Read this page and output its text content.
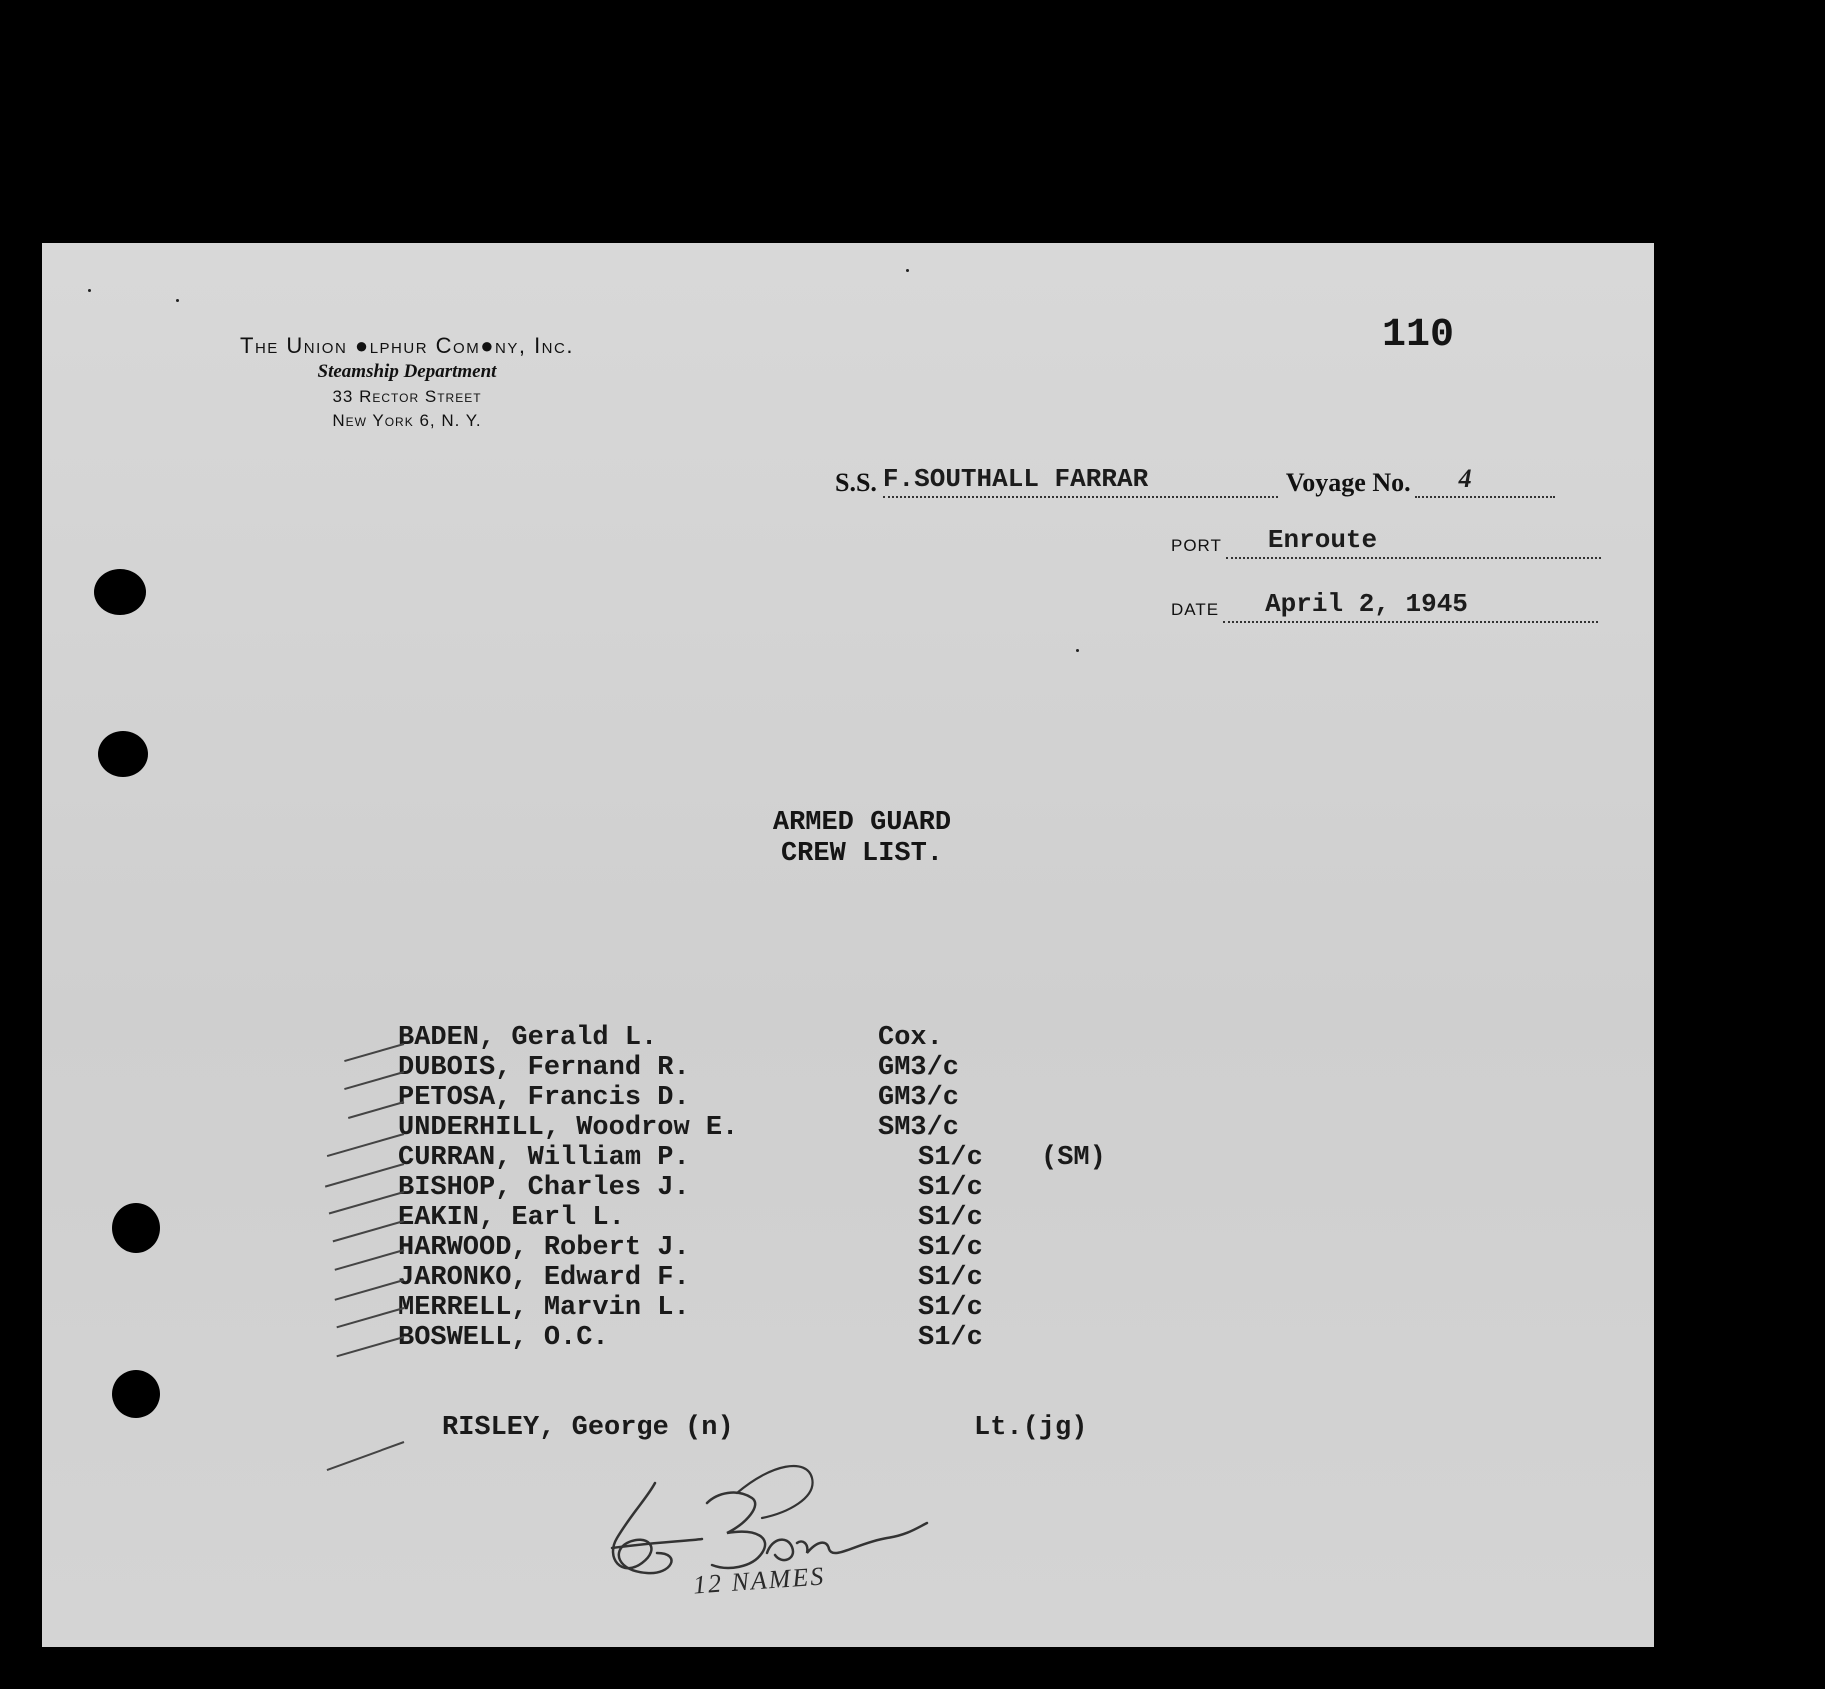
The Union ●lphur Com●ny, Inc.
Steamship Department
33 Rector Street
New York 6, N. Y.
110
S.S. F.SOUTHALL FARRAR	Voyage No. 4
PORT Enroute
DATE April 2, 1945
ARMED GUARD
CREW LIST.
BADEN, Gerald L.	Cox.
DUBOIS, Fernand R.	GM3/c
PETOSA, Francis D.	GM3/c
UNDERHILL, Woodrow E.	SM3/c
CURRAN, William P.	S1/c (SM)
BISHOP, Charles J.	S1/c
EAKIN, Earl L.	S1/c
HARWOOD, Robert J.	S1/c
JARONKO, Edward F.	S1/c
MERRELL, Marvin L.	S1/c
BOSWELL, O.C.	S1/c
RISLEY, George (n)	Lt.(jg)
12 NAMES
